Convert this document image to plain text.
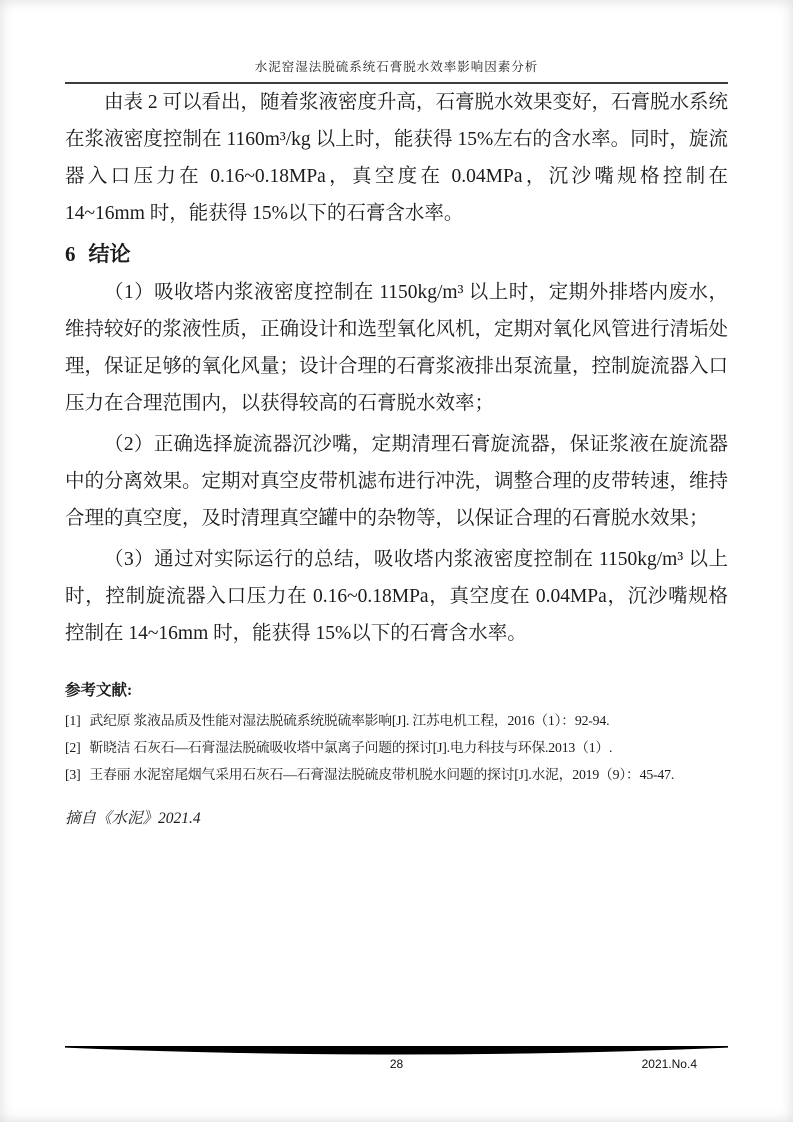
水泥窑湿法脱硫系统石膏脱水效率影响因素分析

由表 2 可以看出，随着浆液密度升高，石膏脱水效果变好，石膏脱水系统在浆液密度控制在 1160m³/kg 以上时，能获得 15%左右的含水率。同时，旋流器入口压力在 0.16~0.18MPa，真空度在 0.04MPa，沉沙嘴规格控制在 14~16mm 时，能获得 15%以下的石膏含水率。

6 结论

（1）吸收塔内浆液密度控制在 1150kg/m³ 以上时，定期外排塔内废水，维持较好的浆液性质，正确设计和选型氧化风机，定期对氧化风管进行清垢处理，保证足够的氧化风量；设计合理的石膏浆液排出泵流量，控制旋流器入口压力在合理范围内，以获得较高的石膏脱水效率；

（2）正确选择旋流器沉沙嘴，定期清理石膏旋流器，保证浆液在旋流器中的分离效果。定期对真空皮带机滤布进行冲洗，调整合理的皮带转速，维持合理的真空度，及时清理真空罐中的杂物等，以保证合理的石膏脱水效果；

（3）通过对实际运行的总结，吸收塔内浆液密度控制在 1150kg/m³ 以上时，控制旋流器入口压力在 0.16~0.18MPa，真空度在 0.04MPa，沉沙嘴规格控制在 14~16mm 时，能获得 15%以下的石膏含水率。

参考文献:
[1] 武纪原 浆液品质及性能对湿法脱硫系统脱硫率影响[J]. 江苏电机工程，2016（1）：92-94.
[2] 靳晓洁 石灰石—石膏湿法脱硫吸收塔中氯离子问题的探讨[J].电力科技与环保.2013（1）.
[3] 王春丽 水泥窑尾烟气采用石灰石—石膏湿法脱硫皮带机脱水问题的探讨[J].水泥，2019（9）：45-47.
摘自《水泥》2021.4
28	2021.No.4
